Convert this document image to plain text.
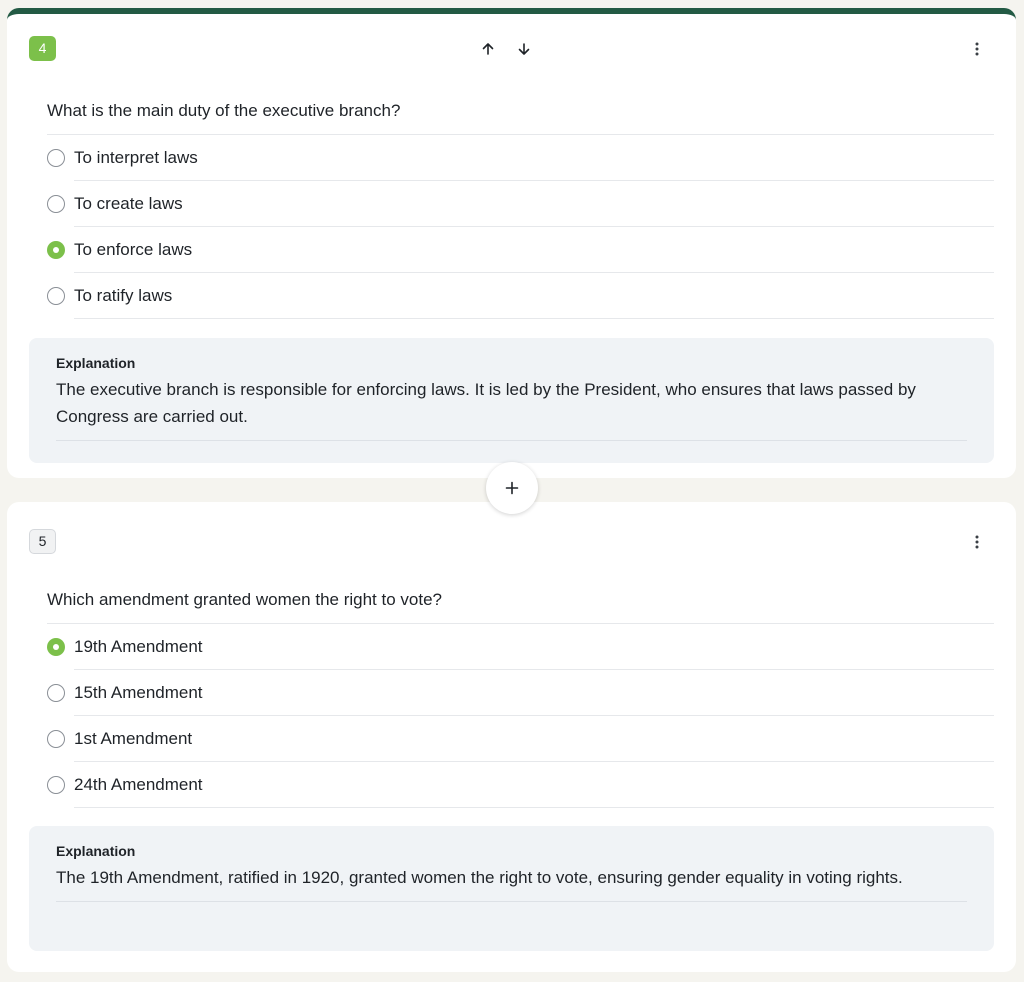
4
What is the main duty of the executive branch?
To interpret laws
To create laws
To enforce laws
To ratify laws
Explanation
The executive branch is responsible for enforcing laws. It is led by the President, who ensures that laws passed by Congress are carried out.
5
Which amendment granted women the right to vote?
19th Amendment
15th Amendment
1st Amendment
24th Amendment
Explanation
The 19th Amendment, ratified in 1920, granted women the right to vote, ensuring gender equality in voting rights.
